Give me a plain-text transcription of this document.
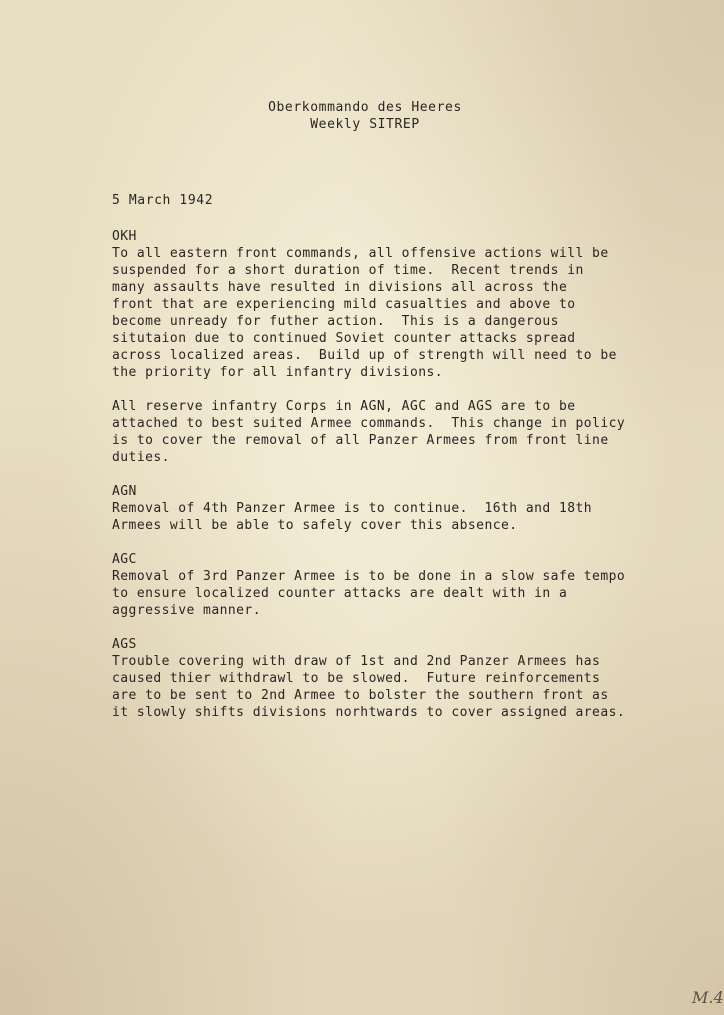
Oberkommando des Heeres
Weekly SITREP
5 March 1942
OKH
To all eastern front commands, all offensive actions will be
suspended for a short duration of time.  Recent trends in
many assaults have resulted in divisions all across the
front that are experiencing mild casualties and above to
become unready for futher action.  This is a dangerous
situtaion due to continued Soviet counter attacks spread
across localized areas.  Build up of strength will need to be
the priority for all infantry divisions.
All reserve infantry Corps in AGN, AGC and AGS are to be
attached to best suited Armee commands.  This change in policy
is to cover the removal of all Panzer Armees from front line
duties.
AGN
Removal of 4th Panzer Armee is to continue.  16th and 18th
Armees will be able to safely cover this absence.
AGC
Removal of 3rd Panzer Armee is to be done in a slow safe tempo
to ensure localized counter attacks are dealt with in a
aggressive manner.
AGS
Trouble covering with draw of 1st and 2nd Panzer Armees has
caused thier withdrawl to be slowed.  Future reinforcements
are to be sent to 2nd Armee to bolster the southern front as
it slowly shifts divisions norhtwards to cover assigned areas.
M.4
